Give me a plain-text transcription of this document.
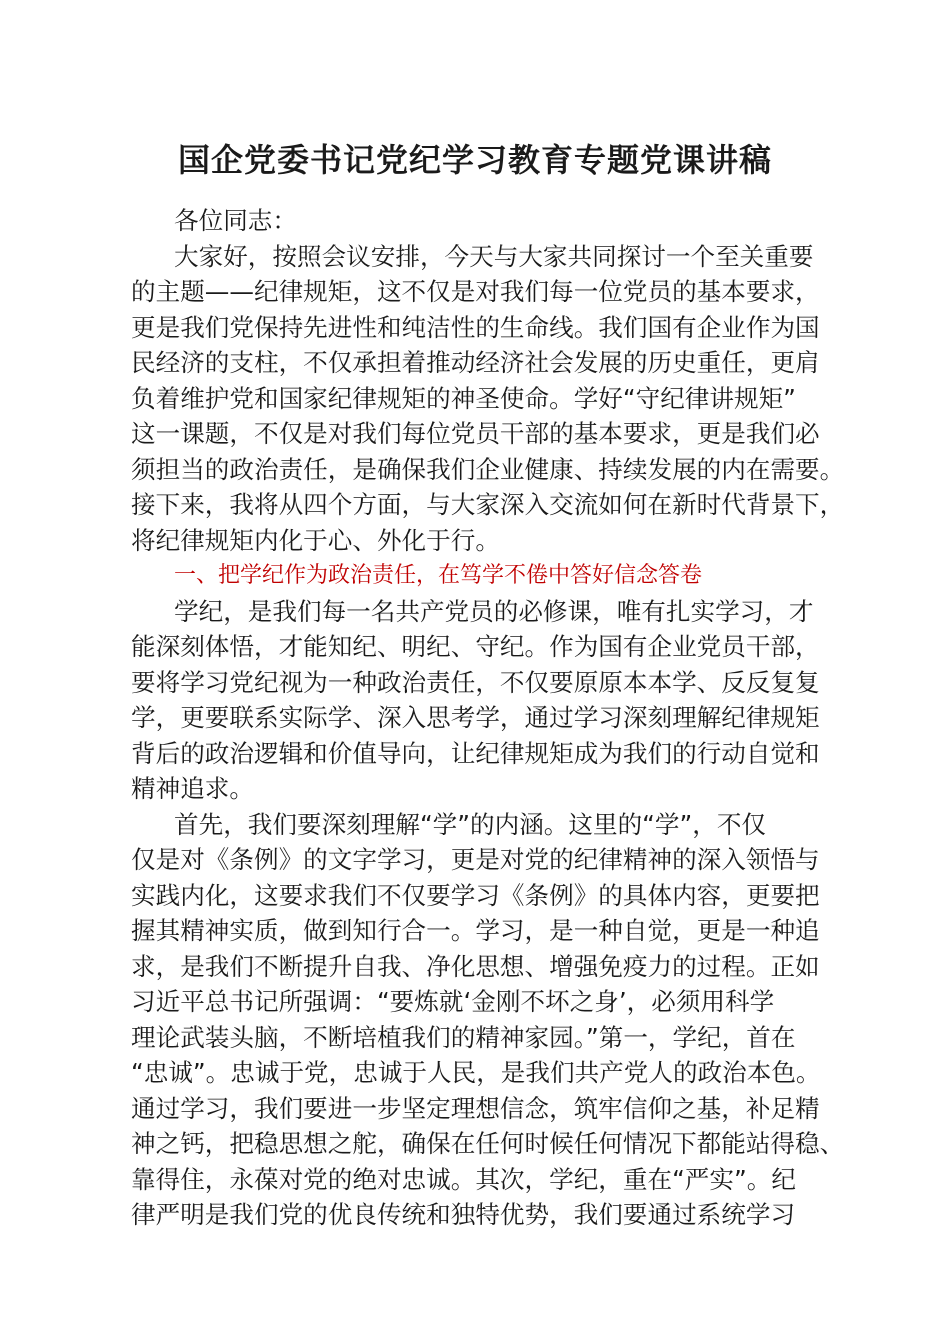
国企党委书记党纪学习教育专题党课讲稿
各位同志：
大家好，按照会议安排，今天与大家共同探讨一个至关重要
的主题——纪律规矩，这不仅是对我们每一位党员的基本要求，
更是我们党保持先进性和纯洁性的生命线。我们国有企业作为国
民经济的支柱，不仅承担着推动经济社会发展的历史重任，更肩
负着维护党和国家纪律规矩的神圣使命。学好“守纪律讲规矩”
这一课题，不仅是对我们每位党员干部的基本要求，更是我们必
须担当的政治责任，是确保我们企业健康、持续发展的内在需要。
接下来，我将从四个方面，与大家深入交流如何在新时代背景下，
将纪律规矩内化于心、外化于行。
一、把学纪作为政治责任，在笃学不倦中答好信念答卷
学纪，是我们每一名共产党员的必修课，唯有扎实学习，才
能深刻体悟，才能知纪、明纪、守纪。作为国有企业党员干部，
要将学习党纪视为一种政治责任，不仅要原原本本学、反反复复
学，更要联系实际学、深入思考学，通过学习深刻理解纪律规矩
背后的政治逻辑和价值导向，让纪律规矩成为我们的行动自觉和
精神追求。
首先，我们要深刻理解“学”的内涵。这里的“学”，不仅
仅是对《条例》的文字学习，更是对党的纪律精神的深入领悟与
实践内化，这要求我们不仅要学习《条例》的具体内容，更要把
握其精神实质，做到知行合一。学习，是一种自觉，更是一种追
求，是我们不断提升自我、净化思想、增强免疫力的过程。正如
习近平总书记所强调：“要炼就‘金刚不坏之身’，必须用科学
理论武装头脑，不断培植我们的精神家园。”第一，学纪，首在
“忠诚”。忠诚于党，忠诚于人民，是我们共产党人的政治本色。
通过学习，我们要进一步坚定理想信念，筑牢信仰之基，补足精
神之钙，把稳思想之舵，确保在任何时候任何情况下都能站得稳、
靠得住，永葆对党的绝对忠诚。其次，学纪，重在“严实”。纪
律严明是我们党的优良传统和独特优势，我们要通过系统学习
